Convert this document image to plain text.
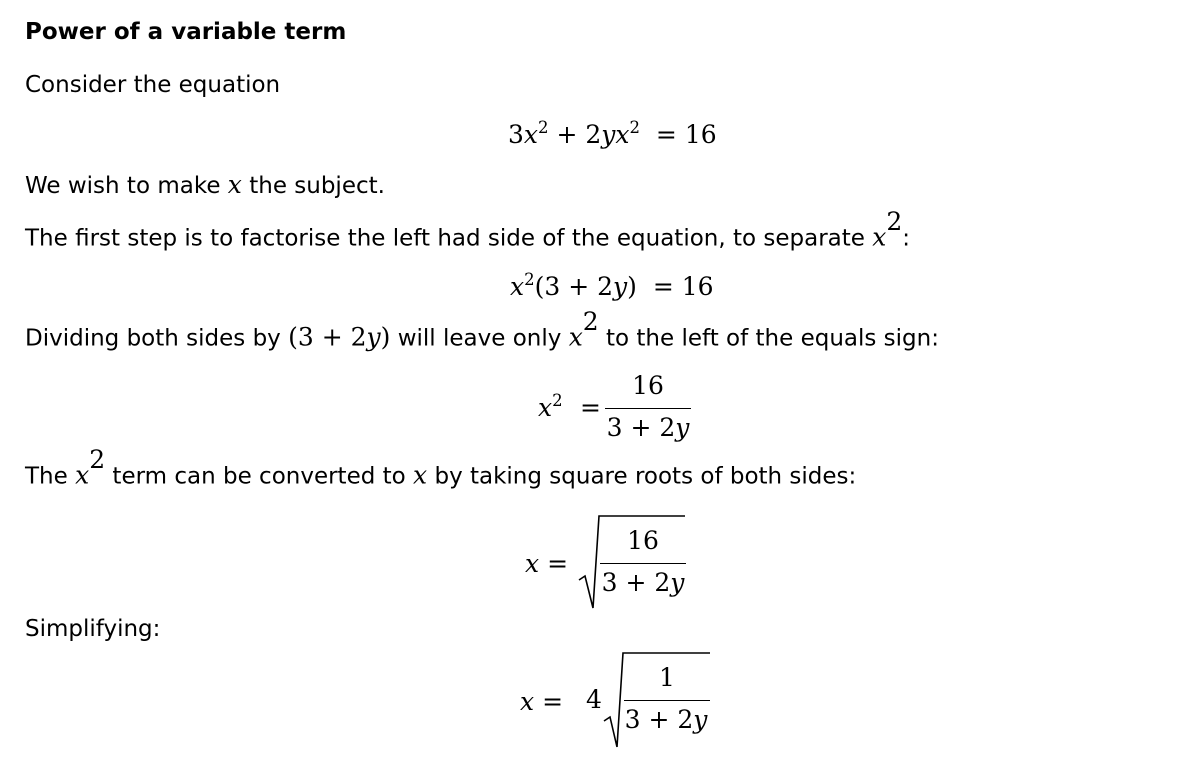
Power of a variable term
Consider the equation
$3x^2 + 2yx^2 = 16$
We wish to make x the subject.
The first step is to factorise the left had side of the equation, to separate $x^2$:
$x^2(3 + 2y) = 16$
Dividing both sides by (3 + 2y) will leave only $x^2$ to the left of the equals sign:
$x^2$ =
16
3 + 2y
The $x^2$ term can be converted to x by taking square roots of both sides:
x =
16
3 + 2y
Simplifying:
x = 4
1
3 + 2y
